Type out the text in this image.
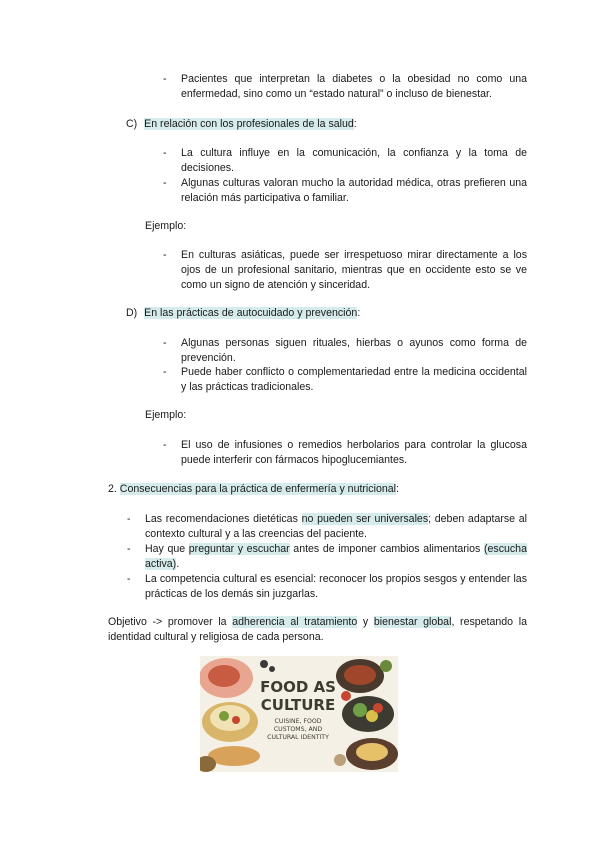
- Pacientes que interpretan la diabetes o la obesidad no como una enfermedad, sino como un “estado natural” o incluso de bienestar.
C) En relación con los profesionales de la salud:
- La cultura influye en la comunicación, la confianza y la toma de decisiones.
- Algunas culturas valoran mucho la autoridad médica, otras prefieren una relación más participativa o familiar.
Ejemplo:
- En culturas asiáticas, puede ser irrespetuoso mirar directamente a los ojos de un profesional sanitario, mientras que en occidente esto se ve como un signo de atención y sinceridad.
D) En las prácticas de autocuidado y prevención:
- Algunas personas siguen rituales, hierbas o ayunos como forma de prevención.
- Puede haber conflicto o complementariedad entre la medicina occidental y las prácticas tradicionales.
Ejemplo:
- El uso de infusiones o remedios herbolarios para controlar la glucosa puede interferir con fármacos hipoglucemiantes.
2. Consecuencias para la práctica de enfermería y nutricional:
- Las recomendaciones dietéticas no pueden ser universales; deben adaptarse al contexto cultural y a las creencias del paciente.
- Hay que preguntar y escuchar antes de imponer cambios alimentarios (escucha activa).
- La competencia cultural es esencial: reconocer los propios sesgos y entender las prácticas de los demás sin juzgarlas.
Objetivo -> promover la adherencia al tratamiento y bienestar global, respetando la identidad cultural y religiosa de cada persona.
FOOD AS
CULTURE
CUISINE, FOOD
CUSTOMS, AND
CULTURAL IDENTITY
